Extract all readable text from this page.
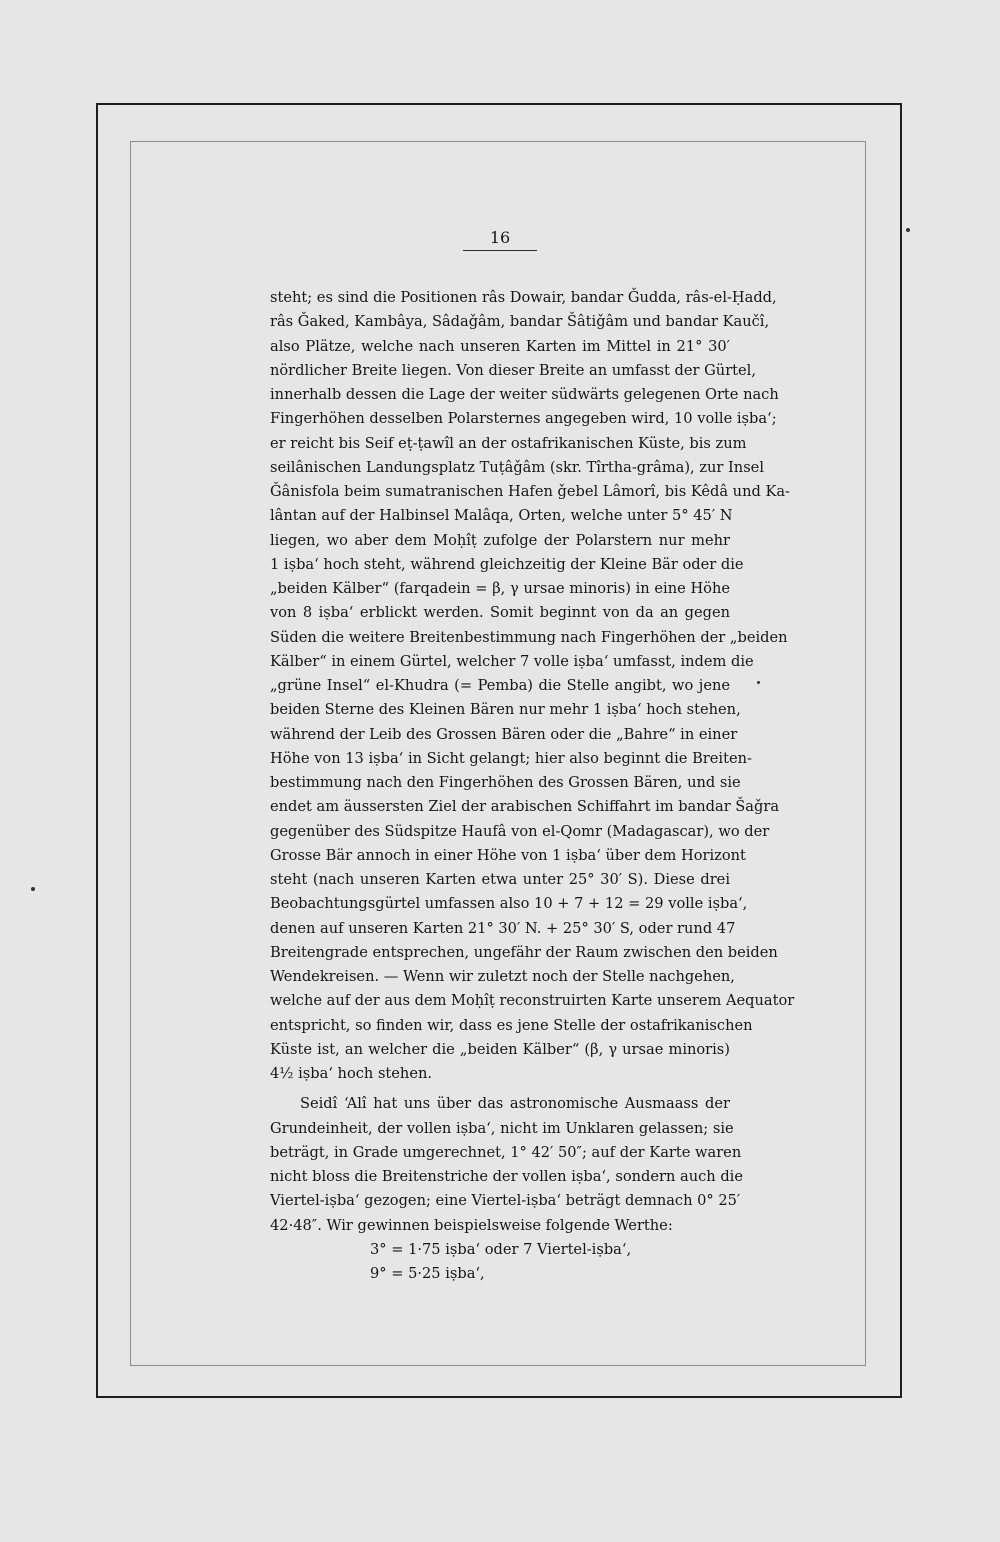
16
steht; es sind die Positionen râs Dowair, bandar Ǧudda, râs-el-Ḥadd,
râs Ǧaked, Kambâya, Sâdaǧâm, bandar Šâtiǧâm und bandar Kaučî,
also Plätze, welche nach unseren Karten im Mittel in 21° 30′
nördlicher Breite liegen. Von dieser Breite an umfasst der Gürtel,
innerhalb dessen die Lage der weiter südwärts gelegenen Orte nach
Fingerhöhen desselben Polarsternes angegeben wird, 10 volle iṣba‘;
er reicht bis Seif eṭ-ṭawîl an der ostafrikanischen Küste, bis zum
seilânischen Landungsplatz Tuṭâǧâm (skr. Tîrtha-grâma), zur Insel
Ǧânisfola beim sumatranischen Hafen ǧebel Lâmorî, bis Kêdâ und Ka-
lântan auf der Halbinsel Malâqa, Orten, welche unter 5° 45′ N
liegen, wo aber dem Moḥîṭ zufolge der Polarstern nur mehr
1 iṣba‘ hoch steht, während gleichzeitig der Kleine Bär oder die
„beiden Kälber“ (farqadein = β, γ ursae minoris) in eine Höhe
von 8 iṣba‘ erblickt werden. Somit beginnt von da an gegen
Süden die weitere Breitenbestimmung nach Fingerhöhen der „beiden
Kälber“ in einem Gürtel, welcher 7 volle iṣba‘ umfasst, indem die
„grüne Insel“ el-Khudra (= Pemba) die Stelle angibt, wo jene
beiden Sterne des Kleinen Bären nur mehr 1 iṣba‘ hoch stehen,
während der Leib des Grossen Bären oder die „Bahre“ in einer
Höhe von 13 iṣba‘ in Sicht gelangt; hier also beginnt die Breiten-
bestimmung nach den Fingerhöhen des Grossen Bären, und sie
endet am äussersten Ziel der arabischen Schiffahrt im bandar Šaǧra
gegenüber des Südspitze Haufâ von el-Qomr (Madagascar), wo der
Grosse Bär annoch in einer Höhe von 1 iṣba‘ über dem Horizont
steht (nach unseren Karten etwa unter 25° 30′ S). Diese drei
Beobachtungsgürtel umfassen also 10 + 7 + 12 = 29 volle iṣba‘,
denen auf unseren Karten 21° 30′ N. + 25° 30′ S, oder rund 47
Breitengrade entsprechen, ungefähr der Raum zwischen den beiden
Wendekreisen. — Wenn wir zuletzt noch der Stelle nachgehen,
welche auf der aus dem Moḥîṭ reconstruirten Karte unserem Aequator
entspricht, so finden wir, dass es jene Stelle der ostafrikanischen
Küste ist, an welcher die „beiden Kälber“ (β, γ ursae minoris)
4½ iṣba‘ hoch stehen.
Seidî ‘Alî hat uns über das astronomische Ausmaass der
Grundeinheit, der vollen iṣba‘, nicht im Unklaren gelassen; sie
beträgt, in Grade umgerechnet, 1° 42′ 50″; auf der Karte waren
nicht bloss die Breitenstriche der vollen iṣba‘, sondern auch die
Viertel-iṣba‘ gezogen; eine Viertel-iṣba‘ beträgt demnach 0° 25′
42·48″. Wir gewinnen beispielsweise folgende Werthe:
3° = 1·75 iṣba‘ oder 7 Viertel-iṣba‘,
9° = 5·25 iṣba‘,
